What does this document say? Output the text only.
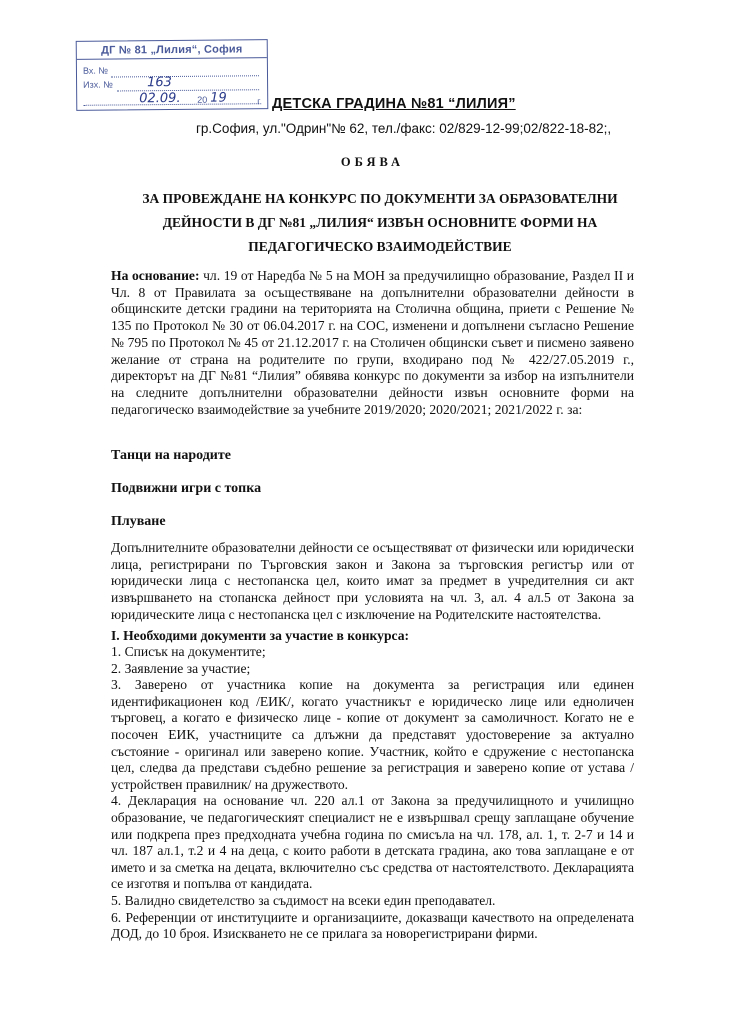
ДГ № 81 „Лилия“, София
Вх. №
Изх. №	163
02.09. 20 19	г. ДЕТСКА ГРАДИНА №81 “ЛИЛИЯ”
гр.София, ул."Одрин"№ 62, тел./факс: 02/829-12-99;02/822-18-82;,
ОБЯВА
ЗА ПРОВЕЖДАНЕ НА КОНКУРС ПО ДОКУМЕНТИ ЗА ОБРАЗОВАТЕЛНИ ДЕЙНОСТИ В ДГ №81 „ЛИЛИЯ“ ИЗВЪН ОСНОВНИТЕ ФОРМИ НА ПЕДАГОГИЧЕСКО ВЗАИМОДЕЙСТВИЕ
На основание: чл. 19 от Наредба № 5 на МОН за предучилищно образование, Раздел II и Чл. 8 от Правилата за осъществяване на допълнителни образователни дейности в общинските детски градини на територията на Столична община, приети с Решение № 135 по Протокол № 30 от 06.04.2017 г. на СОС, изменени и допълнени съгласно Решение № 795 по Протокол № 45 от 21.12.2017 г. на Столичен общински съвет и писмено заявено желание от страна на родителите по групи, входирано под № 422/27.05.2019 г., директорът на ДГ №81 “Лилия” обявява конкурс по документи за избор на изпълнители на следните допълнителни образователни дейности извън основните форми на педагогическо взаимодействие за учебните 2019/2020; 2020/2021; 2021/2022 г. за:
Танци на народите
Подвижни игри с топка
Плуване
Допълнителните образователни дейности се осъществяват от физически или юридически лица, регистрирани по Търговския закон и Закона за търговския регистър или от юридически лица с нестопанска цел, които имат за предмет в учредителния си акт извършването на стопанска дейност при условията на чл. 3, ал. 4 ал.5 от Закона за юридическите лица с нестопанска цел с изключение на Родителските настоятелства.
I. Необходими документи за участие в конкурса:

1. Списък на документите;

2. Заявление за участие;

3. Заверено от участника копие на документа за регистрация или единен идентификационен код /ЕИК/, когато участникът е юридическо лице или едноличен търговец, а когато е физическо лице - копие от документ за самоличност. Когато не е посочен ЕИК, участниците са длъжни да представят удостоверение за актуално състояние - оригинал или заверено копие. Участник, който е сдружение с нестопанска цел, следва да представи съдебно решение за регистрация и заверено копие от устава /устройствен правилник/ на дружеството.

4. Декларация на основание чл. 220 ал.1 от Закона за предучилищното и училищно образование, че педагогическият специалист не е извършвал срещу заплащане обучение или подкрепа през предходната учебна година по смисъла на чл. 178, ал. 1, т. 2-7 и 14 и чл. 187 ал.1, т.2 и 4 на деца, с които работи в детската градина, ако това заплащане е от името и за сметка на децата, включително със средства от настоятелството. Декларацията се изготвя и попълва от кандидата.

5. Валидно свидетелство за съдимост на всеки един преподавател.

6. Референции от институциите и организациите, доказващи качеството на определената ДОД, до 10 броя. Изискването не се прилага за новорегистрирани фирми.
